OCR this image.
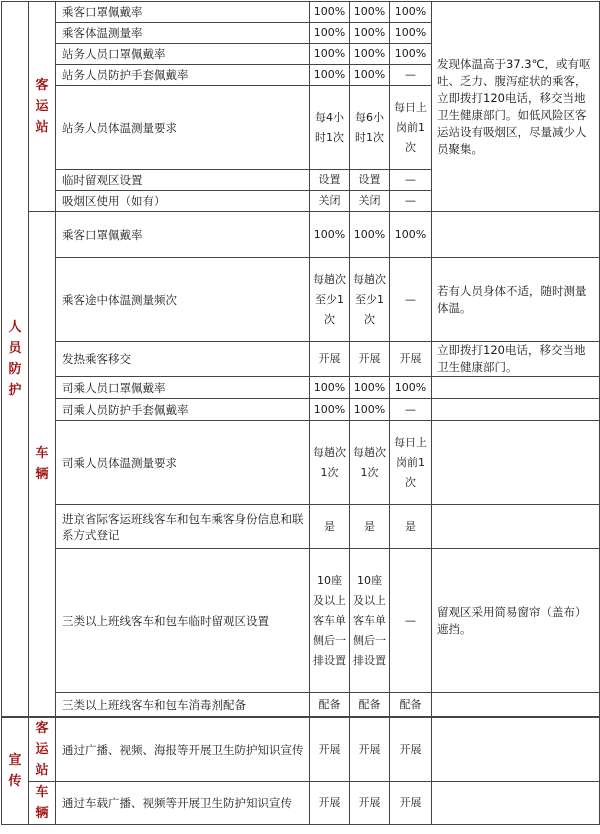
人员防护	客运站	乘客口罩佩戴率	100%	100%	100%	发现体温高于37.3℃，或有呕吐、乏力、腹泻症状的乘客，立即拨打120电话，移交当地卫生健康部门。如低风险区客运站设有吸烟区，尽量减少人员聚集。
		乘客体温测量率	100%	100%	100%	
		站务人员口罩佩戴率	100%	100%	100%	
		站务人员防护手套佩戴率	100%	100%	—	
		站务人员体温测量要求	每4小时1次	每6小时1次	每日上岗前1次	
		临时留观区设置	设置	设置	—	
		吸烟区使用（如有）	关闭	关闭	—	
	车辆	乘客口罩佩戴率	100%	100%	100%	
		乘客途中体温测量频次	每趟次至少1次	每趟次至少1次	—	若有人员身体不适，随时测量体温。
		发热乘客移交	开展	开展	开展	立即拨打120电话，移交当地卫生健康部门。
		司乘人员口罩佩戴率	100%	100%	100%	
		司乘人员防护手套佩戴率	100%	100%	—	
		司乘人员体温测量要求	每趟次1次	每趟次1次	每日上岗前1次	
		进京省际客运班线客车和包车乘客身份信息和联系方式登记	是	是	是	
		三类以上班线客车和包车临时留观区设置	10座及以上客车单侧后一排设置	10座及以上客车单侧后一排设置	—	留观区采用简易窗帘（盖布）遮挡。
		三类以上班线客车和包车消毒剂配备	配备	配备	配备	
宣传	客运站	通过广播、视频、海报等开展卫生防护知识宣传	开展	开展	开展	
	车辆	通过车载广播、视频等开展卫生防护知识宣传	开展	开展	开展	
